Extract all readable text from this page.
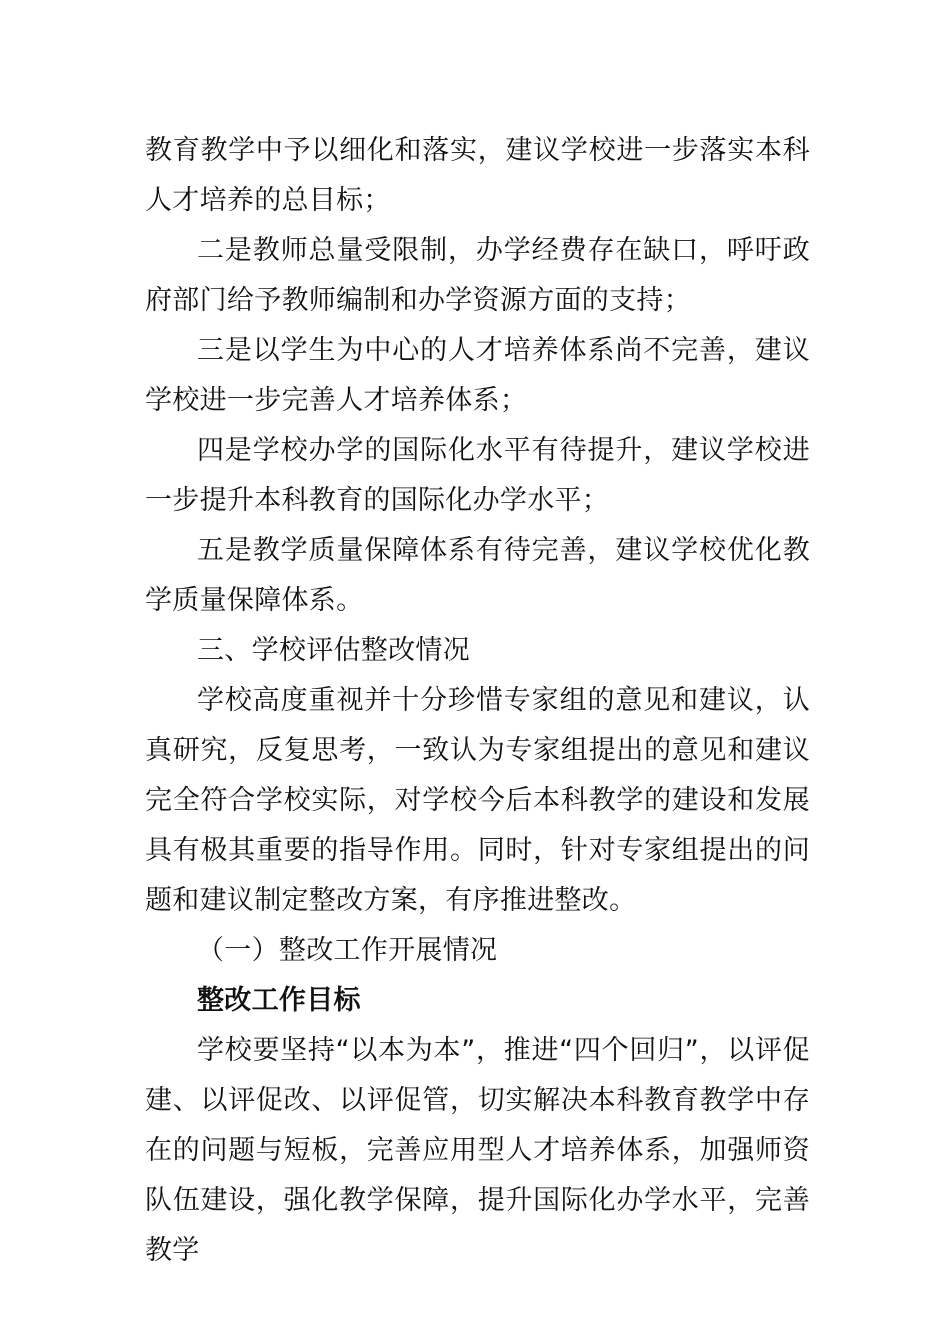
教育教学中予以细化和落实，建议学校进一步落实本科人才培养的总目标；

二是教师总量受限制，办学经费存在缺口，呼吁政府部门给予教师编制和办学资源方面的支持；

三是以学生为中心的人才培养体系尚不完善，建议学校进一步完善人才培养体系；

四是学校办学的国际化水平有待提升，建议学校进一步提升本科教育的国际化办学水平；

五是教学质量保障体系有待完善，建议学校优化教学质量保障体系。

三、学校评估整改情况

学校高度重视并十分珍惜专家组的意见和建议，认真研究，反复思考，一致认为专家组提出的意见和建议完全符合学校实际，对学校今后本科教学的建设和发展具有极其重要的指导作用。同时，针对专家组提出的问题和建议制定整改方案，有序推进整改。

（一）整改工作开展情况

整改工作目标

学校要坚持“以本为本”，推进“四个回归”，以评促建、以评促改、以评促管，切实解决本科教育教学中存在的问题与短板，完善应用型人才培养体系，加强师资队伍建设，强化教学保障，提升国际化办学水平，完善教学
